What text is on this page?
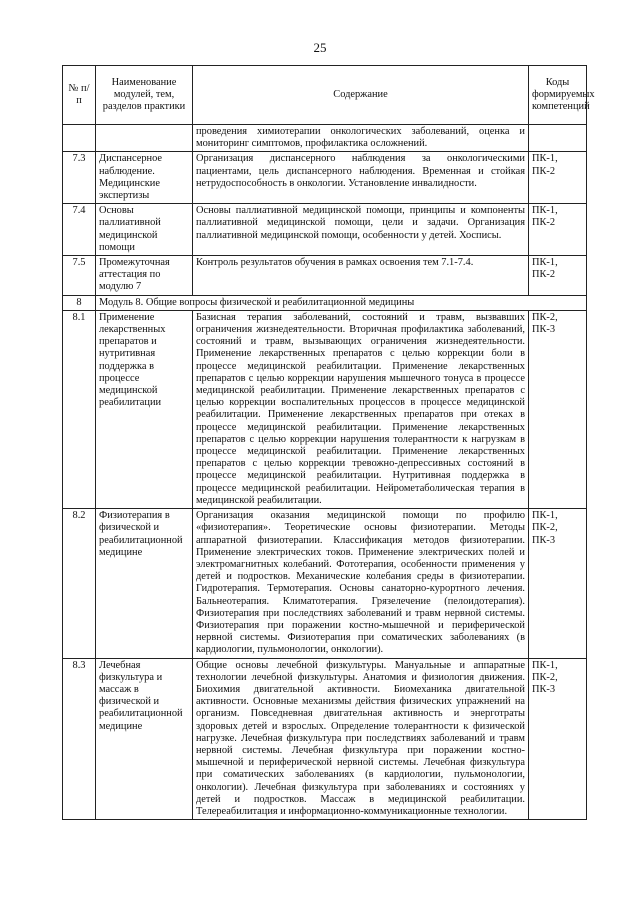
25
№ п/п	Наименование модулей, тем, разделов практики	Содержание	Коды формируемых компетенций
		проведения химиотерапии онкологических заболеваний, оценка и мониторинг симптомов, профилактика осложнений.	
7.3	Диспансерное наблюдение. Медицинские экспертизы	Организация диспансерного наблюдения за онкологическими пациентами, цель диспансерного наблюдения. Временная и стойкая нетрудоспособность в онкологии. Установление инвалидности.	ПК-1, ПК-2
7.4	Основы паллиативной медицинской помощи	Основы паллиативной медицинской помощи, принципы и компоненты паллиативной медицинской помощи, цели и задачи. Организация паллиативной медицинской помощи, особенности у детей. Хосписы.	ПК-1, ПК-2
7.5	Промежуточная аттестация по модулю 7	Контроль результатов обучения в рамках освоения тем 7.1-7.4.	ПК-1, ПК-2
8	Модуль 8. Общие вопросы физической и реабилитационной медицины		
8.1	Применение лекарственных препаратов и нутритивная поддержка в процессе медицинской реабилитации	Базисная терапия заболеваний, состояний и травм, вызвавших ограничения жизнедеятельности. Вторичная профилактика заболеваний, состояний и травм, вызывающих ограничения жизнедеятельности. Применение лекарственных препаратов с целью коррекции боли в процессе медицинской реабилитации. Применение лекарственных препаратов с целью коррекции нарушения мышечного тонуса в процессе медицинской реабилитации. Применение лекарственных препаратов с целью коррекции воспалительных процессов в процессе медицинской реабилитации. Применение лекарственных препаратов при отеках в процессе медицинской реабилитации. Применение лекарственных препаратов с целью коррекции нарушения толерантности к нагрузкам в процессе медицинской реабилитации. Применение лекарственных препаратов с целью коррекции тревожно-депрессивных состояний в процессе медицинской реабилитации. Нутритивная поддержка в процессе медицинской реабилитации. Нейрометаболическая терапия в медицинской реабилитации.	ПК-2, ПК-3
8.2	Физиотерапия в физической и реабилитационной медицине	Организация оказания медицинской помощи по профилю «физиотерапия». Теоретические основы физиотерапии. Методы аппаратной физиотерапии. Классификация методов физиотерапии. Применение электрических токов. Применение электрических полей и электромагнитных колебаний. Фототерапия, особенности применения у детей и подростков. Механические колебания среды в физиотерапии. Гидротерапия. Термотерапия. Основы санаторно-курортного лечения. Бальнеотерапия. Климатотерапия. Грязелечение (пелоидотерапия). Физиотерапия при последствиях заболеваний и травм нервной системы. Физиотерапия при поражении костно-мышечной и периферической нервной системы. Физиотерапия при соматических заболеваниях (в кардиологии, пульмонологии, онкологии).	ПК-1, ПК-2, ПК-3
8.3	Лечебная физкультура и массаж в физической и реабилитационной медицине	Общие основы лечебной физкультуры. Мануальные и аппаратные технологии лечебной физкультуры. Анатомия и физиология движения. Биохимия двигательной активности. Биомеханика двигательной активности. Основные механизмы действия физических упражнений на организм. Повседневная двигательная активность и энерготраты здоровых детей и взрослых. Определение толерантности к физической нагрузке. Лечебная физкультура при последствиях заболеваний и травм нервной системы. Лечебная физкультура при поражении костно-мышечной и периферической нервной системы. Лечебная физкультура при соматических заболеваниях (в кардиологии, пульмонологии, онкологии). Лечебная физкультура при заболеваниях и состояниях у детей и подростков. Массаж в медицинской реабилитации. Телереабилитация и информационно-коммуникационные технологии.	ПК-1, ПК-2, ПК-3
